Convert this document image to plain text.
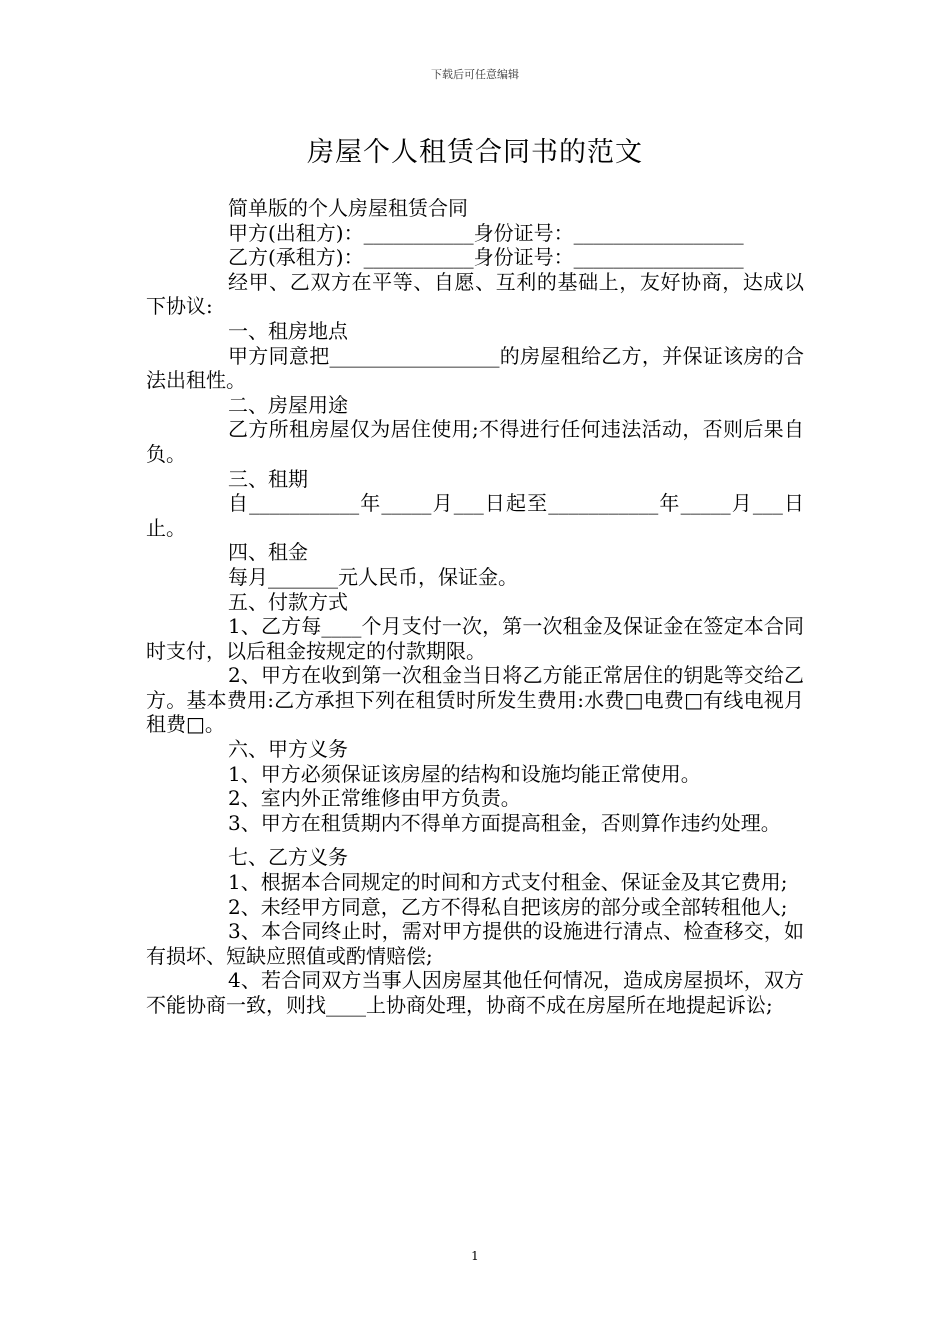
下载后可任意编辑
房屋个人租赁合同书的范文

简单版的个人房屋租赁合同

甲方(出租方)：___________身份证号：_________________

乙方(承租方)：___________身份证号：_________________

经甲、乙双方在平等、自愿、互利的基础上，友好协商，达成以下协议:

一、租房地点

甲方同意把_________________的房屋租给乙方，并保证该房的合法出租性。

二、房屋用途

乙方所租房屋仅为居住使用;不得进行任何违法活动，否则后果自负。

三、租期

自___________年_____月___日起至___________年_____月___日止。

四、租金

每月_______元人民币，保证金。

五、付款方式

1、乙方每____个月支付一次，第一次租金及保证金在签定本合同时支付，以后租金按规定的付款期限。

2、甲方在收到第一次租金当日将乙方能正常居住的钥匙等交给乙方。基本费用:乙方承担下列在租赁时所发生费用:水费□电费□有线电视月租费□。

六、甲方义务

1、甲方必须保证该房屋的结构和设施均能正常使用。

2、室内外正常维修由甲方负责。

3、甲方在租赁期内不得单方面提高租金，否则算作违约处理。

七、乙方义务

1、根据本合同规定的时间和方式支付租金、保证金及其它费用;

2、未经甲方同意，乙方不得私自把该房的部分或全部转租他人;

3、本合同终止时，需对甲方提供的设施进行清点、检查移交，如有损坏、短缺应照值或酌情赔偿;

4、若合同双方当事人因房屋其他任何情况，造成房屋损坏，双方不能协商一致，则找____上协商处理，协商不成在房屋所在地提起诉讼;

1
